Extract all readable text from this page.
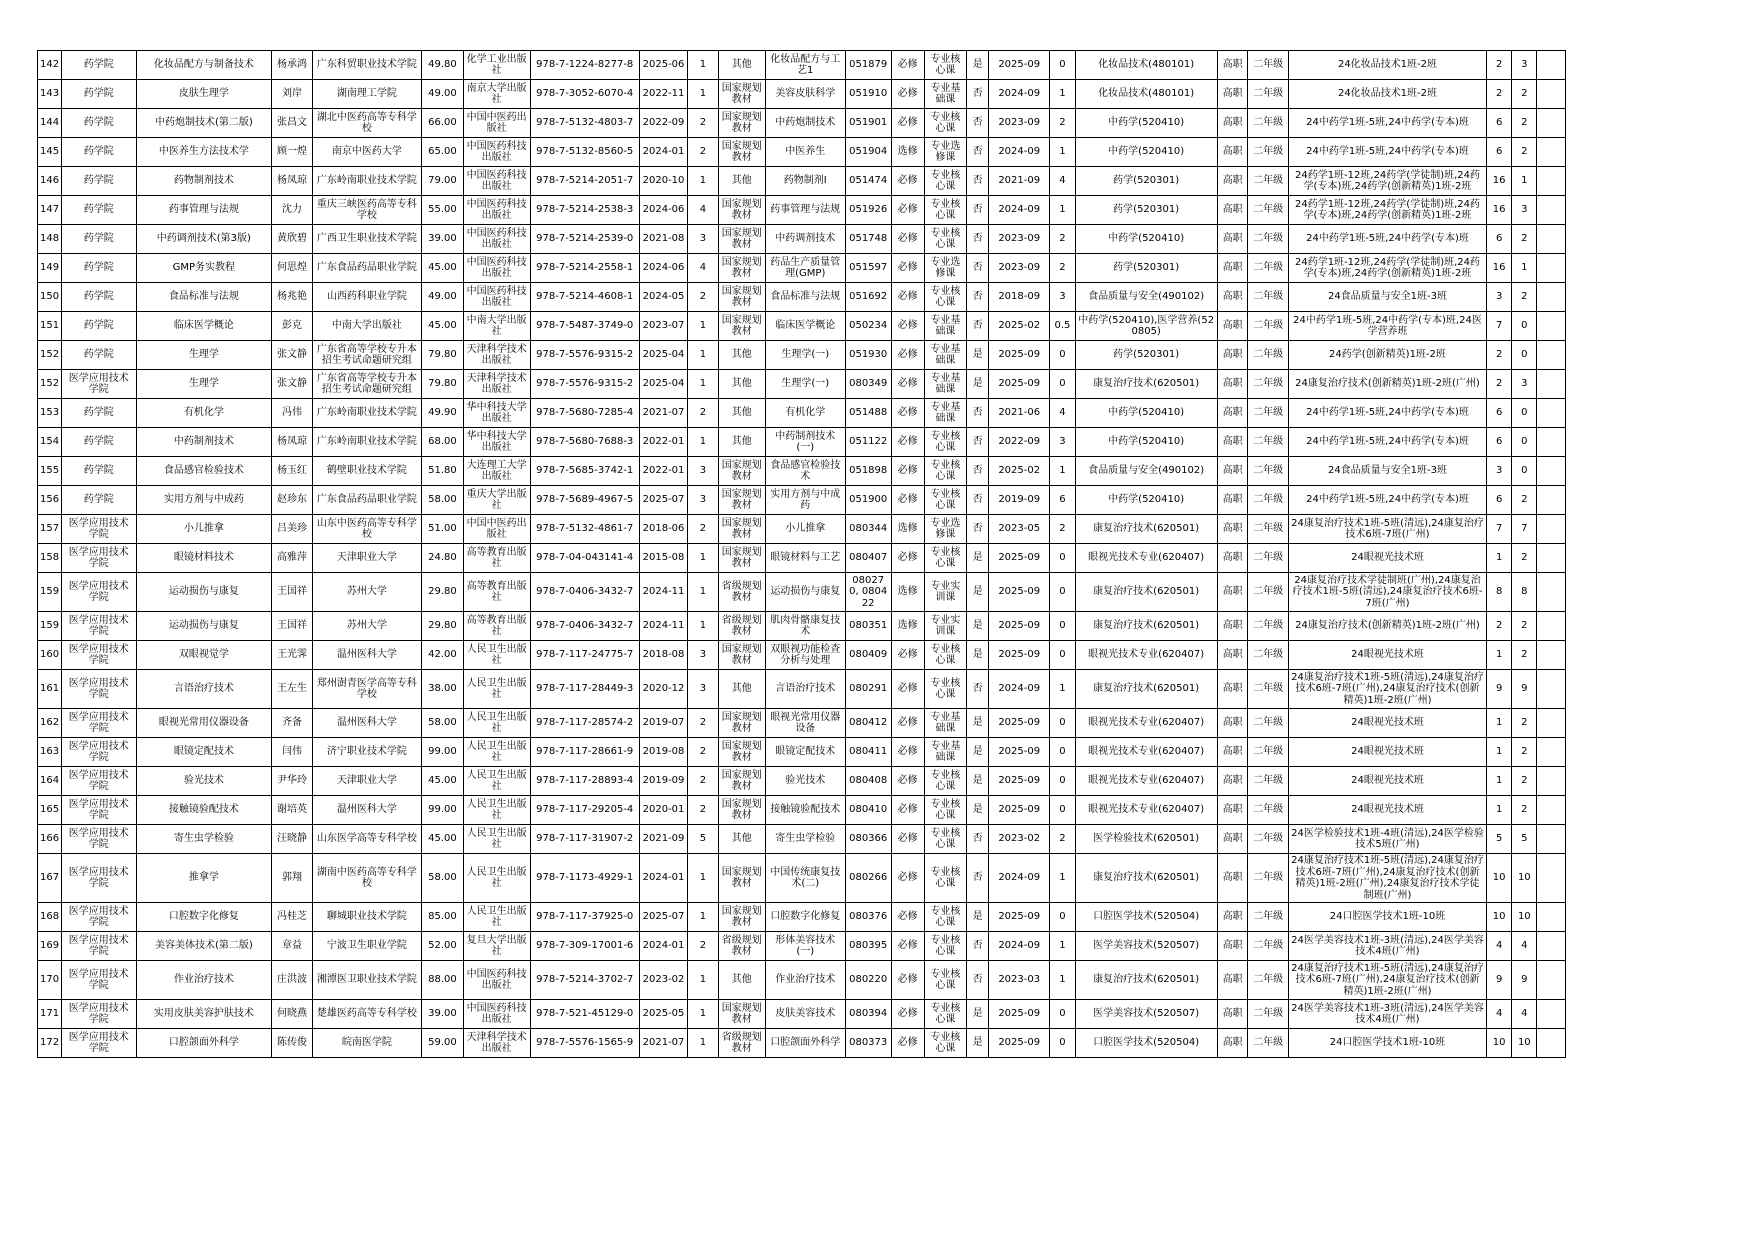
142	药学院	化妆品配方与制备技术	杨承鸿	广东科贸职业技术学院	49.80	化学工业出版社	978-7-1224-8277-8	2025-06	1	其他	化妆品配方与工艺1	051879	必修	专业核心课	是	2025-09	0	化妆品技术(480101)	高职	二年级	24化妆品技术1班-2班	2	3	
143	药学院	皮肤生理学	刘岸	湖南理工学院	49.00	南京大学出版社	978-7-3052-6070-4	2022-11	1	国家规划教材	美容皮肤科学	051910	必修	专业基础课	否	2024-09	1	化妆品技术(480101)	高职	二年级	24化妆品技术1班-2班	2	2	
144	药学院	中药炮制技术(第二版)	张昌文	湖北中医药高等专科学校	66.00	中国中医药出版社	978-7-5132-4803-7	2022-09	2	国家规划教材	中药炮制技术	051901	必修	专业核心课	否	2023-09	2	中药学(520410)	高职	二年级	24中药学1班-5班,24中药学(专本)班	6	2	
145	药学院	中医养生方法技术学	顾一煌	南京中医药大学	65.00	中国医药科技出版社	978-7-5132-8560-5	2024-01	2	国家规划教材	中医养生	051904	选修	专业选修课	否	2024-09	1	中药学(520410)	高职	二年级	24中药学1班-5班,24中药学(专本)班	6	2	
146	药学院	药物制剂技术	杨凤琼	广东岭南职业技术学院	79.00	中国医药科技出版社	978-7-5214-2051-7	2020-10	1	其他	药物制剂I	051474	必修	专业核心课	否	2021-09	4	药学(520301)	高职	二年级	24药学1班-12班,24药学(学徒制)班,24药学(专本)班,24药学(创新精英)1班-2班	16	1	
147	药学院	药事管理与法规	沈力	重庆三峡医药高等专科学校	55.00	中国医药科技出版社	978-7-5214-2538-3	2024-06	4	国家规划教材	药事管理与法规	051926	必修	专业核心课	否	2024-09	1	药学(520301)	高职	二年级	24药学1班-12班,24药学(学徒制)班,24药学(专本)班,24药学(创新精英)1班-2班	16	3	
148	药学院	中药调剂技术(第3版)	黄欣碧	广西卫生职业技术学院	39.00	中国医药科技出版社	978-7-5214-2539-0	2021-08	3	国家规划教材	中药调剂技术	051748	必修	专业核心课	否	2023-09	2	中药学(520410)	高职	二年级	24中药学1班-5班,24中药学(专本)班	6	2	
149	药学院	GMP务实教程	何思煌	广东食品药品职业学院	45.00	中国医药科技出版社	978-7-5214-2558-1	2024-06	4	国家规划教材	药品生产质量管理(GMP)	051597	必修	专业选修课	否	2023-09	2	药学(520301)	高职	二年级	24药学1班-12班,24药学(学徒制)班,24药学(专本)班,24药学(创新精英)1班-2班	16	1	
150	药学院	食品标准与法规	杨兆艳	山西药科职业学院	49.00	中国医药科技出版社	978-7-5214-4608-1	2024-05	2	国家规划教材	食品标准与法规	051692	必修	专业核心课	否	2018-09	3	食品质量与安全(490102)	高职	二年级	24食品质量与安全1班-3班	3	2	
151	药学院	临床医学概论	彭克	中南大学出版社	45.00	中南大学出版社	978-7-5487-3749-0	2023-07	1	国家规划教材	临床医学概论	050234	必修	专业基础课	否	2025-02	0.5	中药学(520410),医学营养(520805)	高职	二年级	24中药学1班-5班,24中药学(专本)班,24医学营养班	7	0	
152	药学院	生理学	张文静	广东省高等学校专升本招生考试命题研究组	79.80	天津科学技术出版社	978-7-5576-9315-2	2025-04	1	其他	生理学(一)	051930	必修	专业基础课	是	2025-09	0	药学(520301)	高职	二年级	24药学(创新精英)1班-2班	2	0	
152	医学应用技术学院	生理学	张文静	广东省高等学校专升本招生考试命题研究组	79.80	天津科学技术出版社	978-7-5576-9315-2	2025-04	1	其他	生理学(一)	080349	必修	专业基础课	是	2025-09	0	康复治疗技术(620501)	高职	二年级	24康复治疗技术(创新精英)1班-2班(广州)	2	3	
153	药学院	有机化学	冯伟	广东岭南职业技术学院	49.90	华中科技大学出版社	978-7-5680-7285-4	2021-07	2	其他	有机化学	051488	必修	专业基础课	否	2021-06	4	中药学(520410)	高职	二年级	24中药学1班-5班,24中药学(专本)班	6	0	
154	药学院	中药制剂技术	杨凤琼	广东岭南职业技术学院	68.00	华中科技大学出版社	978-7-5680-7688-3	2022-01	1	其他	中药制剂技术(一)	051122	必修	专业核心课	否	2022-09	3	中药学(520410)	高职	二年级	24中药学1班-5班,24中药学(专本)班	6	0	
155	药学院	食品感官检验技术	杨玉红	鹤壁职业技术学院	51.80	大连理工大学出版社	978-7-5685-3742-1	2022-01	3	国家规划教材	食品感官检验技术	051898	必修	专业核心课	否	2025-02	1	食品质量与安全(490102)	高职	二年级	24食品质量与安全1班-3班	3	0	
156	药学院	实用方剂与中成药	赵珍东	广东食品药品职业学院	58.00	重庆大学出版社	978-7-5689-4967-5	2025-07	3	国家规划教材	实用方剂与中成药	051900	必修	专业核心课	否	2019-09	6	中药学(520410)	高职	二年级	24中药学1班-5班,24中药学(专本)班	6	2	
157	医学应用技术学院	小儿推拿	吕美珍	山东中医药高等专科学校	51.00	中国中医药出版社	978-7-5132-4861-7	2018-06	2	国家规划教材	小儿推拿	080344	选修	专业选修课	否	2023-05	2	康复治疗技术(620501)	高职	二年级	24康复治疗技术1班-5班(清远),24康复治疗技术6班-7班(广州)	7	7	
158	医学应用技术学院	眼镜材料技术	高雅萍	天津职业大学	24.80	高等教育出版社	978-7-04-043141-4	2015-08	1	国家规划教材	眼镜材料与工艺	080407	必修	专业核心课	是	2025-09	0	眼视光技术专业(620407)	高职	二年级	24眼视光技术班	1	2	
159	医学应用技术学院	运动损伤与康复	王国祥	苏州大学	29.80	高等教育出版社	978-7-0406-3432-7	2024-11	1	省级规划教材	运动损伤与康复	080270, 080422	选修	专业实训课	是	2025-09	0	康复治疗技术(620501)	高职	二年级	24康复治疗技术学徒制班(广州),24康复治疗技术1班-5班(清远),24康复治疗技术6班-7班(广州)	8	8	
159	医学应用技术学院	运动损伤与康复	王国祥	苏州大学	29.80	高等教育出版社	978-7-0406-3432-7	2024-11	1	省级规划教材	肌肉骨骼康复技术	080351	选修	专业实训课	是	2025-09	0	康复治疗技术(620501)	高职	二年级	24康复治疗技术(创新精英)1班-2班(广州)	2	2	
160	医学应用技术学院	双眼视觉学	王光霁	温州医科大学	42.00	人民卫生出版社	978-7-117-24775-7	2018-08	3	国家规划教材	双眼视功能检查分析与处理	080409	必修	专业核心课	是	2025-09	0	眼视光技术专业(620407)	高职	二年级	24眼视光技术班	1	2	
161	医学应用技术学院	言语治疗技术	王左生	郑州澍青医学高等专科学校	38.00	人民卫生出版社	978-7-117-28449-3	2020-12	3	其他	言语治疗技术	080291	必修	专业核心课	否	2024-09	1	康复治疗技术(620501)	高职	二年级	24康复治疗技术1班-5班(清远),24康复治疗技术6班-7班(广州),24康复治疗技术(创新精英)1班-2班(广州)	9	9	
162	医学应用技术学院	眼视光常用仪器设备	齐备	温州医科大学	58.00	人民卫生出版社	978-7-117-28574-2	2019-07	2	国家规划教材	眼视光常用仪器设备	080412	必修	专业基础课	是	2025-09	0	眼视光技术专业(620407)	高职	二年级	24眼视光技术班	1	2	
163	医学应用技术学院	眼镜定配技术	闫伟	济宁职业技术学院	99.00	人民卫生出版社	978-7-117-28661-9	2019-08	2	国家规划教材	眼镜定配技术	080411	必修	专业基础课	是	2025-09	0	眼视光技术专业(620407)	高职	二年级	24眼视光技术班	1	2	
164	医学应用技术学院	验光技术	尹华玲	天津职业大学	45.00	人民卫生出版社	978-7-117-28893-4	2019-09	2	国家规划教材	验光技术	080408	必修	专业核心课	是	2025-09	0	眼视光技术专业(620407)	高职	二年级	24眼视光技术班	1	2	
165	医学应用技术学院	接触镜验配技术	谢培英	温州医科大学	99.00	人民卫生出版社	978-7-117-29205-4	2020-01	2	国家规划教材	接触镜验配技术	080410	必修	专业核心课	是	2025-09	0	眼视光技术专业(620407)	高职	二年级	24眼视光技术班	1	2	
166	医学应用技术学院	寄生虫学检验	汪晓静	山东医学高等专科学校	45.00	人民卫生出版社	978-7-117-31907-2	2021-09	5	其他	寄生虫学检验	080366	必修	专业核心课	否	2023-02	2	医学检验技术(620501)	高职	二年级	24医学检验技术1班-4班(清远),24医学检验技术5班(广州)	5	5	
167	医学应用技术学院	推拿学	郭翔	湖南中医药高等专科学校	58.00	人民卫生出版社	978-7-1173-4929-1	2024-01	1	国家规划教材	中国传统康复技术(二)	080266	必修	专业核心课	否	2024-09	1	康复治疗技术(620501)	高职	二年级	24康复治疗技术1班-5班(清远),24康复治疗技术6班-7班(广州),24康复治疗技术(创新精英)1班-2班(广州),24康复治疗技术学徒制班(广州)	10	10	
168	医学应用技术学院	口腔数字化修复	冯桂芝	聊城职业技术学院	85.00	人民卫生出版社	978-7-117-37925-0	2025-07	1	国家规划教材	口腔数字化修复	080376	必修	专业核心课	是	2025-09	0	口腔医学技术(520504)	高职	二年级	24口腔医学技术1班-10班	10	10	
169	医学应用技术学院	美容美体技术(第二版)	章益	宁波卫生职业学院	52.00	复旦大学出版社	978-7-309-17001-6	2024-01	2	省级规划教材	形体美容技术(一)	080395	必修	专业核心课	否	2024-09	1	医学美容技术(520507)	高职	二年级	24医学美容技术1班-3班(清远),24医学美容技术4班(广州)	4	4	
170	医学应用技术学院	作业治疗技术	庄洪波	湘潭医卫职业技术学院	88.00	中国医药科技出版社	978-7-5214-3702-7	2023-02	1	其他	作业治疗技术	080220	必修	专业核心课	否	2023-03	1	康复治疗技术(620501)	高职	二年级	24康复治疗技术1班-5班(清远),24康复治疗技术6班-7班(广州),24康复治疗技术(创新精英)1班-2班(广州)	9	9	
171	医学应用技术学院	实用皮肤美容护肤技术	何晓燕	楚雄医药高等专科学校	39.00	中国医药科技出版社	978-7-521-45129-0	2025-05	1	国家规划教材	皮肤美容技术	080394	必修	专业核心课	是	2025-09	0	医学美容技术(520507)	高职	二年级	24医学美容技术1班-3班(清远),24医学美容技术4班(广州)	4	4	
172	医学应用技术学院	口腔颌面外科学	陈传俊	皖南医学院	59.00	天津科学技术出版社	978-7-5576-1565-9	2021-07	1	省级规划教材	口腔颌面外科学	080373	必修	专业核心课	是	2025-09	0	口腔医学技术(520504)	高职	二年级	24口腔医学技术1班-10班	10	10	
